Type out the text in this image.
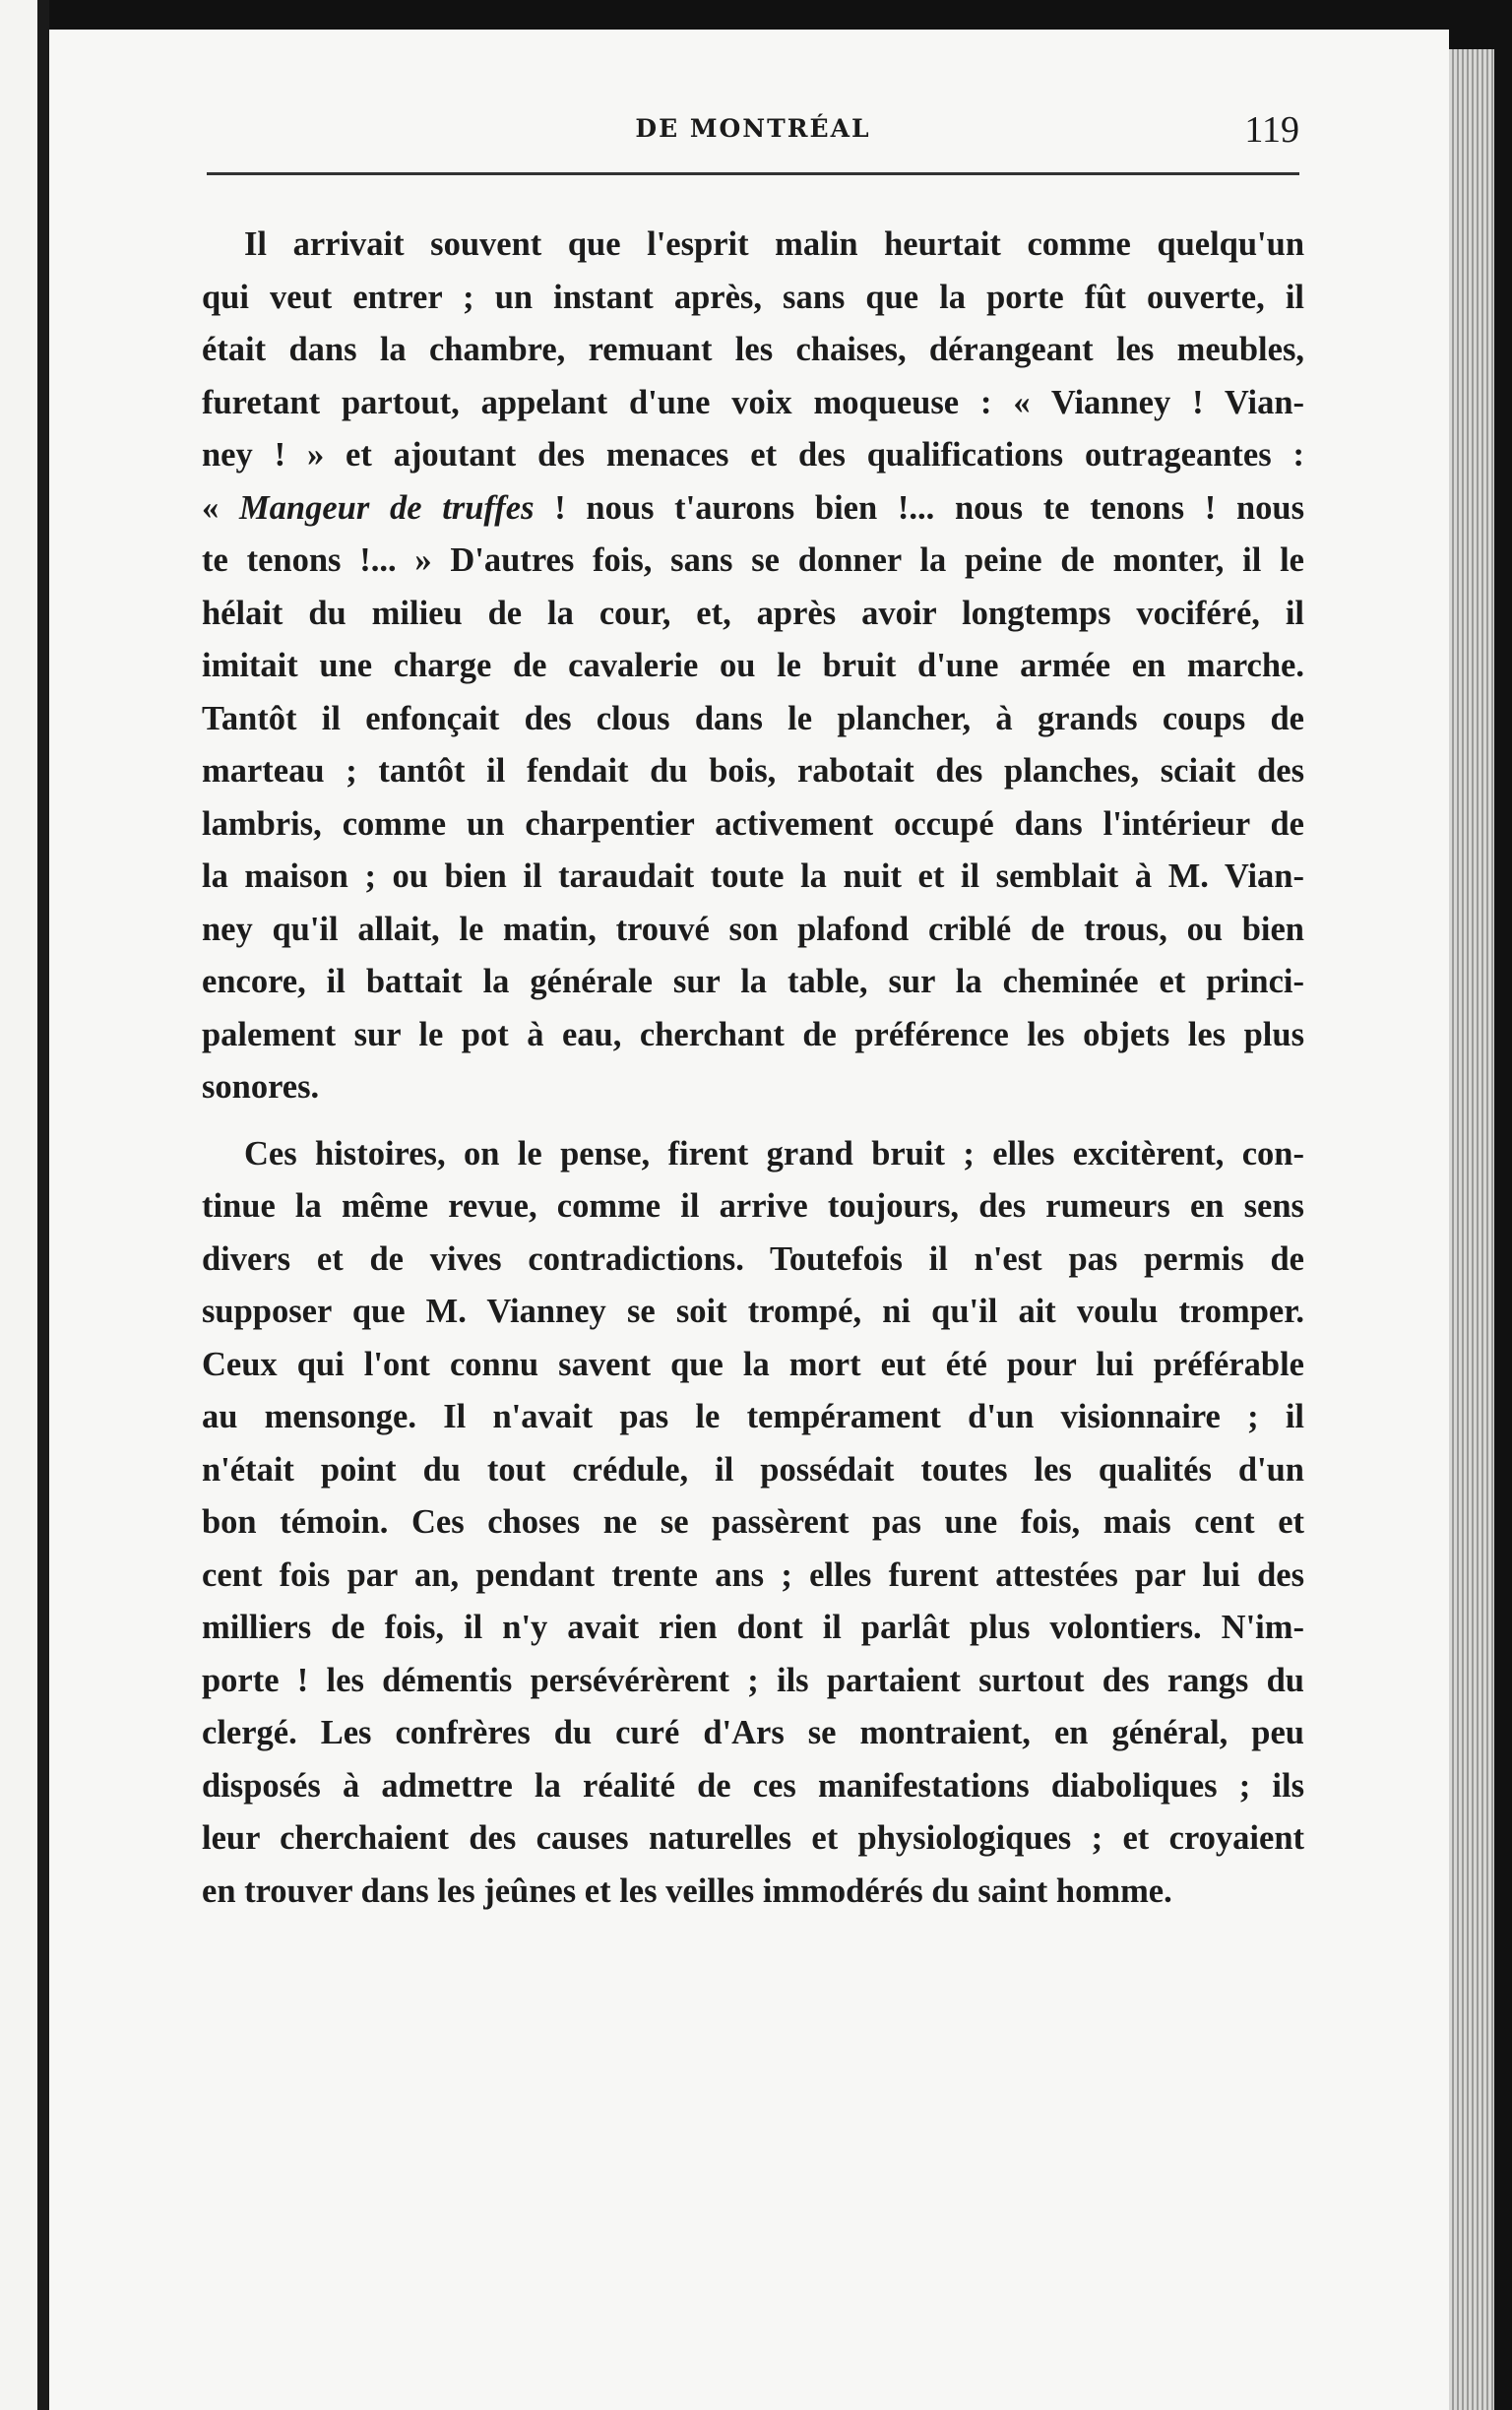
DE MONTRÉAL	119
Il arrivait souvent que l'esprit malin heurtait comme quelqu'un
qui veut entrer ; un instant après, sans que la porte fût ouverte, il
était dans la chambre, remuant les chaises, dérangeant les meubles,
furetant partout, appelant d'une voix moqueuse : « Vianney ! Vian-
ney ! » et ajoutant des menaces et des qualifications outrageantes :
« Mangeur de truffes ! nous t'aurons bien !... nous te tenons ! nous
te tenons !... » D'autres fois, sans se donner la peine de monter, il le
hélait du milieu de la cour, et, après avoir longtemps vociféré, il
imitait une charge de cavalerie ou le bruit d'une armée en marche.
Tantôt il enfonçait des clous dans le plancher, à grands coups de
marteau ; tantôt il fendait du bois, rabotait des planches, sciait des
lambris, comme un charpentier activement occupé dans l'intérieur de
la maison ; ou bien il taraudait toute la nuit et il semblait à M. Vian-
ney qu'il allait, le matin, trouvé son plafond criblé de trous, ou bien
encore, il battait la générale sur la table, sur la cheminée et princi-
palement sur le pot à eau, cherchant de préférence les objets les plus
sonores.
Ces histoires, on le pense, firent grand bruit ; elles excitèrent, con-
tinue la même revue, comme il arrive toujours, des rumeurs en sens
divers et de vives contradictions. Toutefois il n'est pas permis de
supposer que M. Vianney se soit trompé, ni qu'il ait voulu tromper.
Ceux qui l'ont connu savent que la mort eut été pour lui préférable
au mensonge. Il n'avait pas le tempérament d'un visionnaire ; il
n'était point du tout crédule, il possédait toutes les qualités d'un
bon témoin. Ces choses ne se passèrent pas une fois, mais cent et
cent fois par an, pendant trente ans ; elles furent attestées par lui des
milliers de fois, il n'y avait rien dont il parlât plus volontiers. N'im-
porte ! les démentis persévérèrent ; ils partaient surtout des rangs du
clergé. Les confrères du curé d'Ars se montraient, en général, peu
disposés à admettre la réalité de ces manifestations diaboliques ; ils
leur cherchaient des causes naturelles et physiologiques ; et croyaient
en trouver dans les jeûnes et les veilles immodérés du saint homme.
